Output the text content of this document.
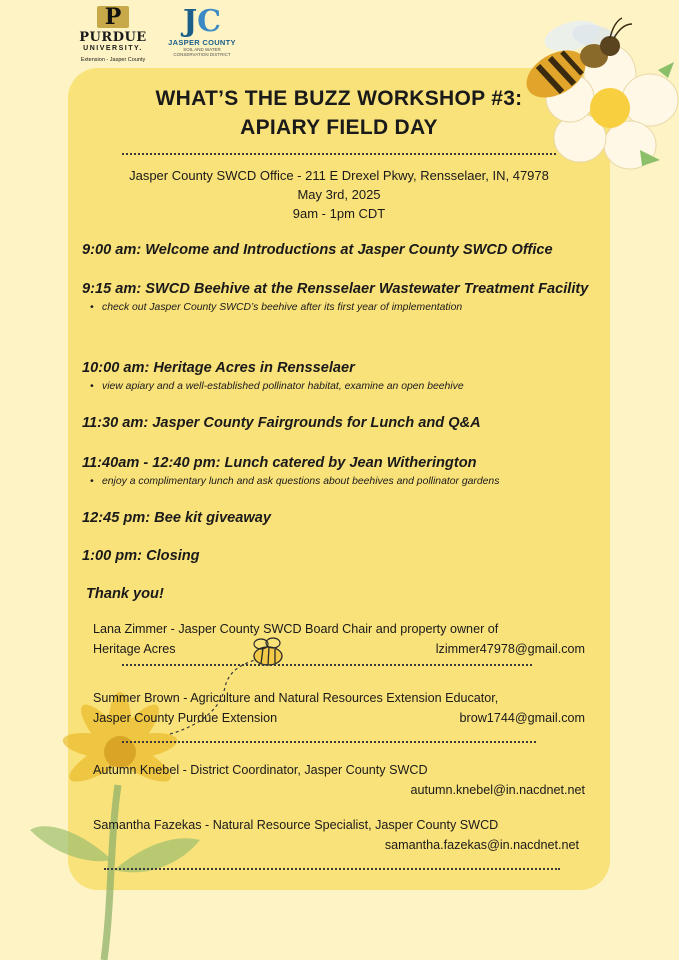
P
PURDUE
UNIVERSITY.
Extension - Jasper County
JC
JASPER COUNTY
SOIL AND WATER
CONSERVATION DISTRICT
WHAT’S THE BUZZ WORKSHOP #3:
APIARY FIELD DAY
Jasper County SWCD Office - 211 E Drexel Pkwy, Rensselaer, IN, 47978
May 3rd, 2025
9am - 1pm CDT

9:00 am: Welcome and Introductions at Jasper County SWCD Office

9:15 am: SWCD Beehive at the Rensselaer Wastewater Treatment Facility

• check out Jasper County SWCD’s beehive after its first year of implementation

10:00 am: Heritage Acres in Rensselaer

• view apiary and a well-established pollinator habitat, examine an open beehive

11:30 am: Jasper County Fairgrounds for Lunch and Q&A

11:40am - 12:40 pm: Lunch catered by Jean Witherington

• enjoy a complimentary lunch and ask questions about beehives and pollinator gardens

12:45 pm: Bee kit giveaway

1:00 pm: Closing

Thank you!
Lana Zimmer - Jasper County SWCD Board Chair and property owner of
Heritage Acres	lzimmer47978@gmail.com
Summer Brown - Agriculture and Natural Resources Extension Educator,
Jasper County Purdue Extension	brow1744@gmail.com
Autumn Knebel - District Coordinator, Jasper County SWCD
autumn.knebel@in.nacdnet.net
Samantha Fazekas - Natural Resource Specialist, Jasper County SWCD
samantha.fazekas@in.nacdnet.net
